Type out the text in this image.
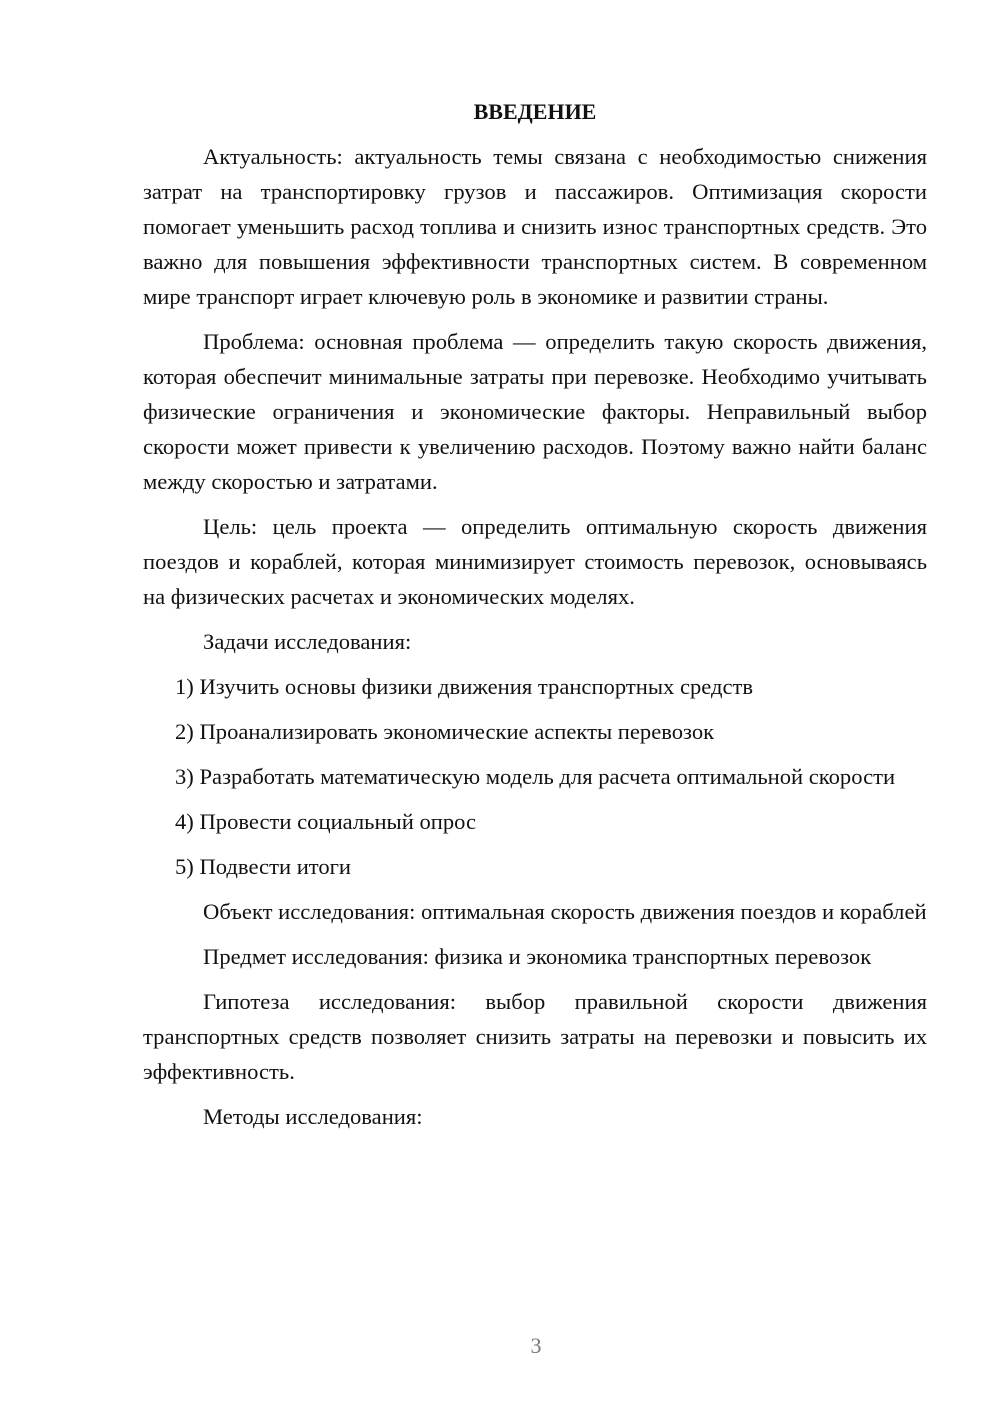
ВВЕДЕНИЕ

Актуальность: актуальность темы связана с необходимостью снижения затрат на транспортировку грузов и пассажиров. Оптимизация скорости помогает уменьшить расход топлива и снизить износ транспортных средств. Это важно для повышения эффективности транспортных систем. В современном мире транспорт играет ключевую роль в экономике и развитии страны.

Проблема: основная проблема — определить такую скорость движения, которая обеспечит минимальные затраты при перевозке. Необходимо учитывать физические ограничения и экономические факторы. Неправильный выбор скорости может привести к увеличению расходов. Поэтому важно найти баланс между скоростью и затратами.

Цель: цель проекта — определить оптимальную скорость движения поездов и кораблей, которая минимизирует стоимость перевозок, основываясь на физических расчетах и экономических моделях.

Задачи исследования:

1) Изучить основы физики движения транспортных средств

2) Проанализировать экономические аспекты перевозок

3) Разработать математическую модель для расчета оптимальной скорости

4) Провести социальный опрос

5) Подвести итоги

Объект исследования: оптимальная скорость движения поездов и кораблей

Предмет исследования: физика и экономика транспортных перевозок

Гипотеза исследования: выбор правильной скорости движения транспортных средств позволяет снизить затраты на перевозки и повысить их эффективность.

Методы исследования:

3
